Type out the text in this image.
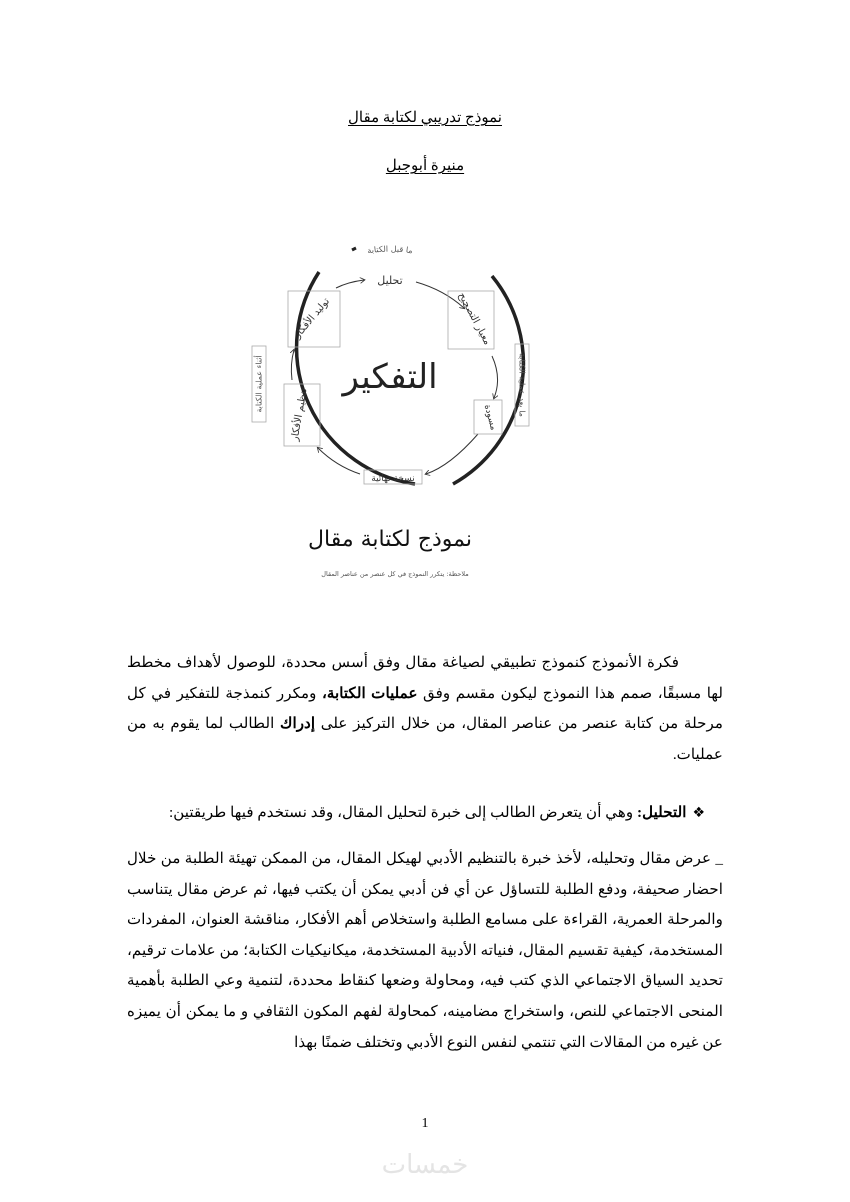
نموذج تدريبي لكتابة مقال
منيرة أبوجبل
ما قبل الكتابة
أثناء عملية الكتابة	ما بعد عملية الكتابة
تحليل
معيار التصحيح
مسودة
نسخة نهائية
تنظيم الأفكار
توليد الأفكار
التفكير
نموذج لكتابة مقال
ملاحظة: يتكرر النموذج في كل عنصر من عناصر المقال

فكرة الأنموذج كنموذج تطبيقي لصياغة مقال وفق أسس محددة، للوصول لأهداف مخطط لها مسبقًا، صمم هذا النموذج ليكون مقسم وفق عمليات الكتابة، ومكرر كنمذجة للتفكير في كل مرحلة من كتابة عنصر من عناصر المقال، من خلال التركيز على إدراك الطالب لما يقوم به من عمليات.

❖التحليل: وهي أن يتعرض الطالب إلى خبرة لتحليل المقال، وقد نستخدم فيها طريقتين:

_ عرض مقال وتحليله، لأخذ خبرة بالتنظيم الأدبي لهيكل المقال، من الممكن تهيئة الطلبة من خلال احضار صحيفة، ودفع الطلبة للتساؤل عن أي فن أدبي يمكن أن يكتب فيها، ثم عرض مقال يتناسب والمرحلة العمرية، القراءة على مسامع الطلبة واستخلاص أهم الأفكار، مناقشة العنوان، المفردات المستخدمة، كيفية تقسيم المقال، فنياته الأدبية المستخدمة، ميكانيكيات الكتابة؛ من علامات ترقيم، تحديد السياق الاجتماعي الذي كتب فيه، ومحاولة وضعها كنقاط محددة، لتنمية وعي الطلبة بأهمية المنحى الاجتماعي للنص، واستخراج مضامينه، كمحاولة لفهم المكون الثقافي و ما يمكن أن يميزه عن غيره من المقالات التي تنتمي لنفس النوع الأدبي وتختلف ضمنًا بهذا

1
خمسات
